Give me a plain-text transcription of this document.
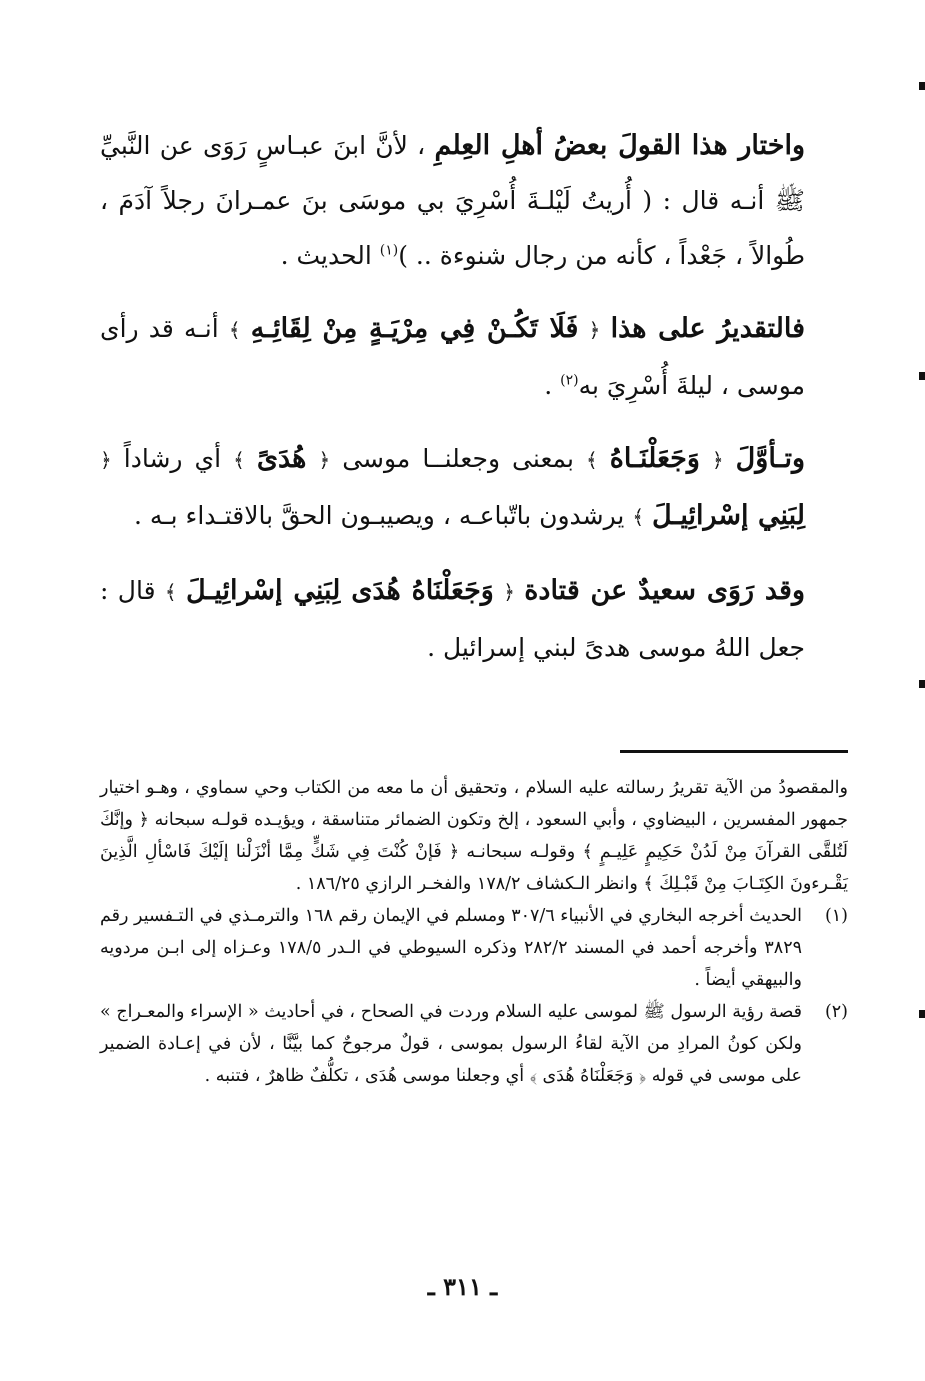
واختار هذا القولَ بعضُ أهلِ العِلمِ ، لأنَّ ابنَ عبـاسٍ رَوَى عن النَّبيِّ ﷺ أنـه قال : ( أُريتُ لَيْلـةَ أُسْرِيَ بي موسَى بنَ عمـرانَ رجلاً آدَمَ ، طُوالاً ، جَعْداً ، كأنه من رجال شنوءة .. )$^{(١)}$ الحديث .

فالتقديرُ على هذا ﴿ فَلَا تَكُـنْ فِي مِرْيَـةٍ مِنْ لِقَائِـهِ ﴾ أنـه قد رأى موسى ، ليلةَ أُسْرِيَ به$^{(٢)}$ .

وتـأوَّلَ ﴿ وَجَعَلْنَـاهُ ﴾ بمعنى وجعلنــا موسى ﴿ هُدَىً ﴾ أي رشاداً ﴿ لِبَنِي إسْرائِيـلَ ﴾ يرشدون باتّباعـه ، ويصيبـون الحقَّ بالاقتـداء بـه .

وقد رَوَى سعيدٌ عن قتادة ﴿ وَجَعَلْنَاهُ هُدَى لِبَنِي إسْرائِيـلَ ﴾ قال : جعل اللهُ موسى هدىً لبني إسرائيل .

والمقصودُ من الآية تقريرُ رسالته عليه السلام ، وتحقيق أن ما معه من الكتاب وحي سماوي ، وهـو اختيار جمهور المفسرين ، البيضاوي ، وأبي السعود ، إلخ وتكون الضمائر متناسقة ، ويؤيـده قولـه سبحانه ﴿ وإنَّكَ لَتُلقَّى القرآنَ مِنْ لَدُنْ حَكِيمٍ عَلِيـمٍ ﴾ وقولـه سبحانـه ﴿ فَإنْ كُنْتَ فِي شَكٍّ مِمَّا أنْزَلْنا إلَيْكَ فَاسْألِ الَّذِينَ يَقْـرءونَ الكِتَـابَ مِنْ قَبْـلِكَ ﴾ وانظر الـكشاف ١٧٨/٢ والفخـر الرازي ١٨٦/٢٥ .
(١)
الحديث أخرجه البخاري في الأنبياء ٣٠٧/٦ ومسلم في الإيمان رقم ١٦٨ والترمـذي في التـفسير رقم ٣٨٢٩ وأخرجه أحمد في المسند ٢٨٢/٢ وذكره السيوطي في الـدر ١٧٨/٥ وعـزاه إلى ابـن مردويه والبيهقي أيضاً .
(٢)
قصة رؤية الرسول ﷺ لموسى عليه السلام وردت في الصحاح ، في أحاديث « الإسراء والمعـراج » ولكن كونُ المرادِ من الآية لقاءُ الرسول بموسى ، قولٌ مرجوحٌ كما بيَّنَّا ، لأن في إعـادة الضمير على موسى في قوله ﴿ وَجَعَلْنَاهُ هُدَى ﴾ أي وجعلنا موسى هُدَى ، تكلُّفٌ ظاهرٌ ، فتنبه .
ـ ٣١١ ـ
